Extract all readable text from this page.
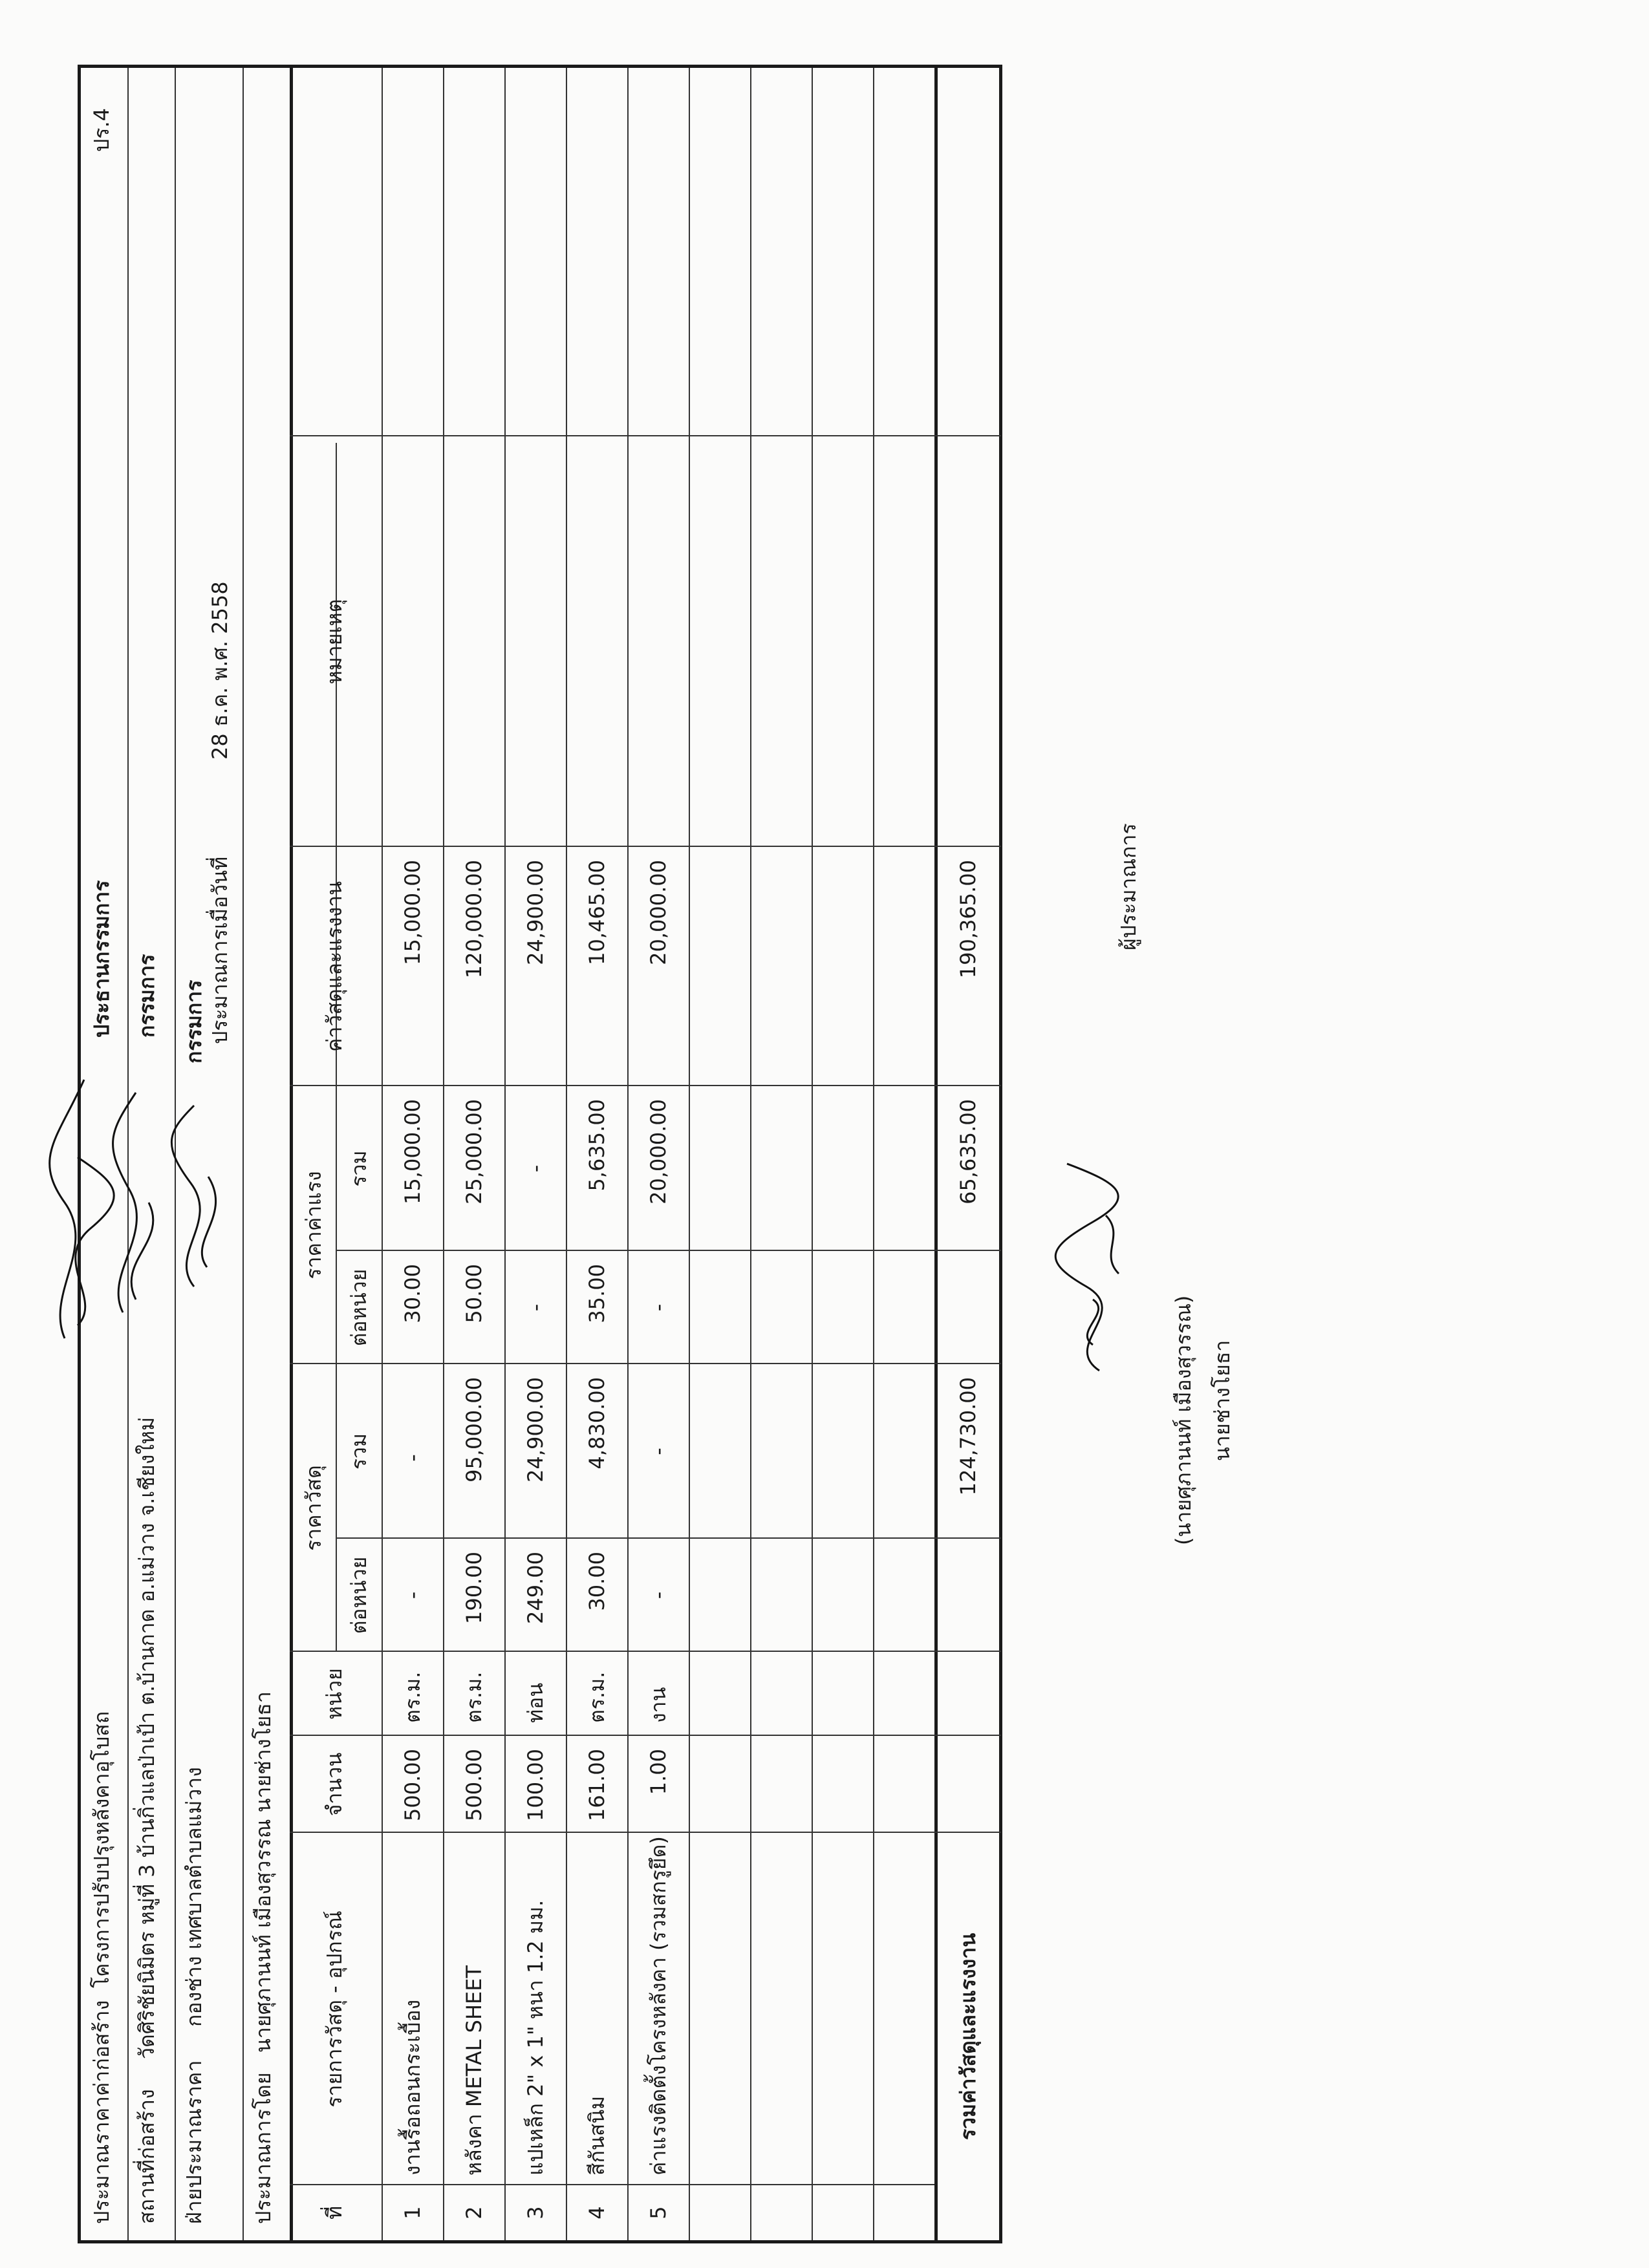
ประมาณราคาค่าก่อสร้าง
โครงการปรับปรุงหลังคาอุโบสถ
ประธานกรรมการ
ปร.4
สถานที่ก่อสร้าง
วัดศิริชัยนิมิตร หมู่ที่ 3 บ้านกิ่วแลป่าเป้า ต.บ้านกาด อ.แม่วาง จ.เชียงใหม่
กรรมการ
ฝ่ายประมาณราคา
กองช่าง เทศบาลตำบลแม่วาง
กรรมการ ประมาณการเมื่อวันที่
28 ธ.ค. พ.ศ. 2558
ประมาณการโดย
นายศุภานนท์ เมืองสุวรรณ นายช่างโยธา
ที่
รายการวัสดุ - อุปกรณ์
จำนวน
หน่วย
ราคาวัสดุ
ราคาค่าแรง
ต่อหน่วย
รวม
ต่อหน่วย
รวม
ค่าวัสดุและแรงงาน
หมายเหตุ
1
งานรื้อถอนกระเบื้อง
500.00
ตร.ม.
-
-
30.00
15,000.00
15,000.00
2
หลังคา METAL SHEET
500.00
ตร.ม.
190.00
95,000.00
50.00
25,000.00
120,000.00
3
แปเหล็ก 2" x 1" หนา 1.2 มม.
100.00
ท่อน
249.00
24,900.00
-
-
24,900.00
4
สีกันสนิม
161.00
ตร.ม.
30.00
4,830.00
35.00
5,635.00
10,465.00
5
ค่าแรงติดตั้งโครงหลังคา (รวมสกรูยึด)
1.00
งาน
-
-
-
20,000.00
20,000.00
รวมค่าวัสดุและแรงงาน
124,730.00
65,635.00
190,365.00
(นายศุภานนท์ เมืองสุวรรณ) นายช่างโยธา
ผู้ประมาณการ
